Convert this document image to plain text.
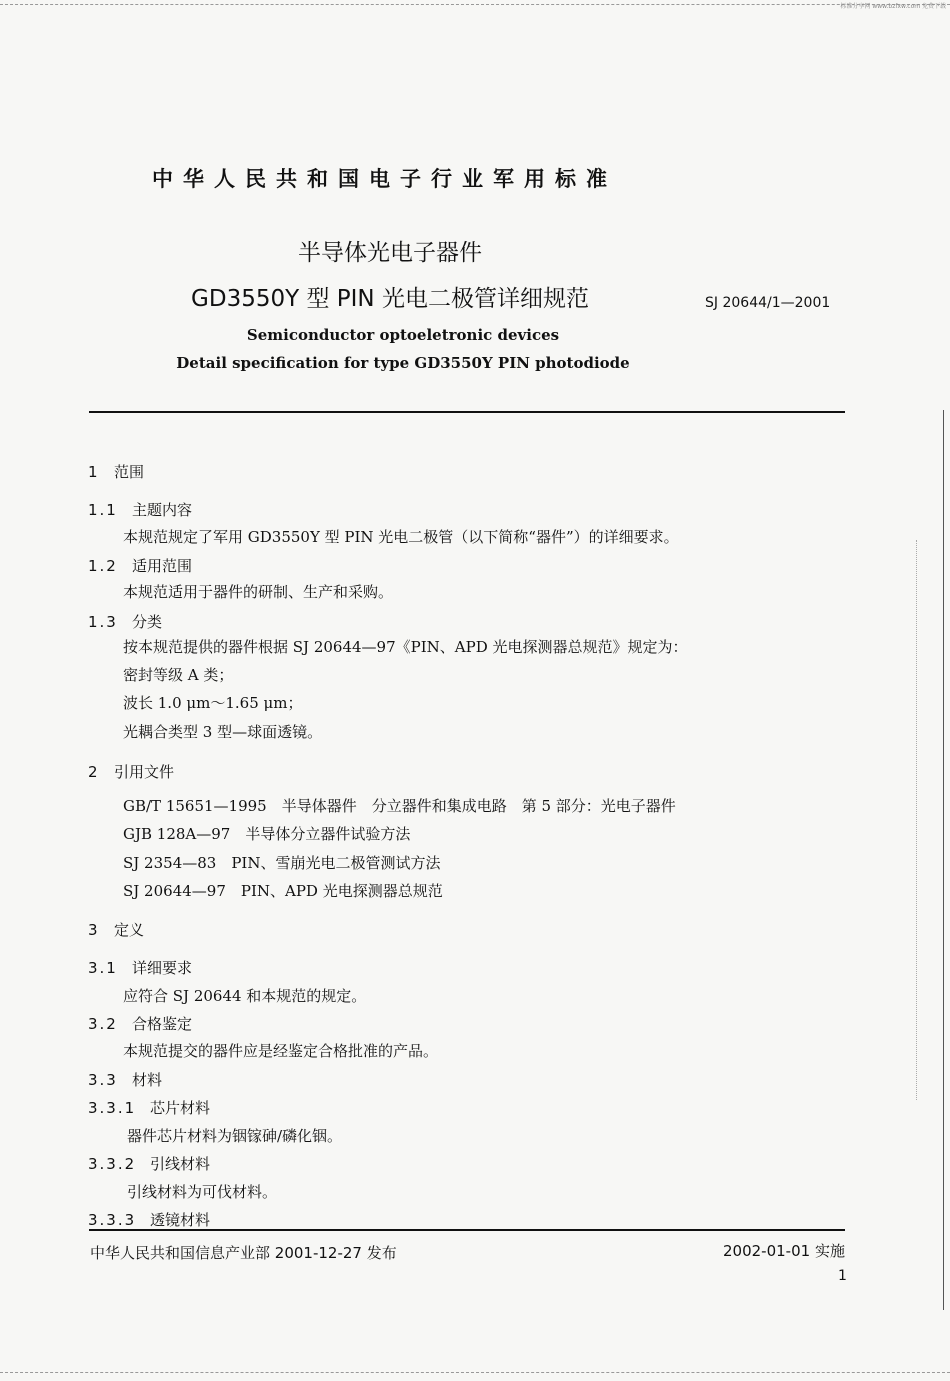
标准分享网 www.bzfxw.com 免费下载
中华人民共和国电子行业军用标准
半导体光电子器件
GD3550Y 型 PIN 光电二极管详细规范	SJ 20644/1—2001
Semiconductor optoeletronic devices
Detail specification for type GD3550Y PIN photodiode
1 范围
1.1 主题内容
本规范规定了军用 GD3550Y 型 PIN 光电二极管（以下简称“器件”）的详细要求。
1.2 适用范围
本规范适用于器件的研制、生产和采购。
1.3 分类
按本规范提供的器件根据 SJ 20644—97《PIN、APD 光电探测器总规范》规定为：
密封等级 A 类；
波长 1.0 μm～1.65 μm；
光耦合类型 3 型—球面透镜。
2 引用文件
GB/T 15651—1995　半导体器件　分立器件和集成电路　第 5 部分：光电子器件
GJB 128A—97　半导体分立器件试验方法
SJ 2354—83　PIN、雪崩光电二极管测试方法
SJ 20644—97　PIN、APD 光电探测器总规范
3 定义
3.1 详细要求
应符合 SJ 20644 和本规范的规定。
3.2 合格鉴定
本规范提交的器件应是经鉴定合格批准的产品。
3.3 材料
3.3.1 芯片材料
器件芯片材料为铟镓砷/磷化铟。
3.3.2 引线材料
引线材料为可伐材料。
3.3.3 透镜材料
中华人民共和国信息产业部 2001-12-27 发布	2002-01-01 实施
1
